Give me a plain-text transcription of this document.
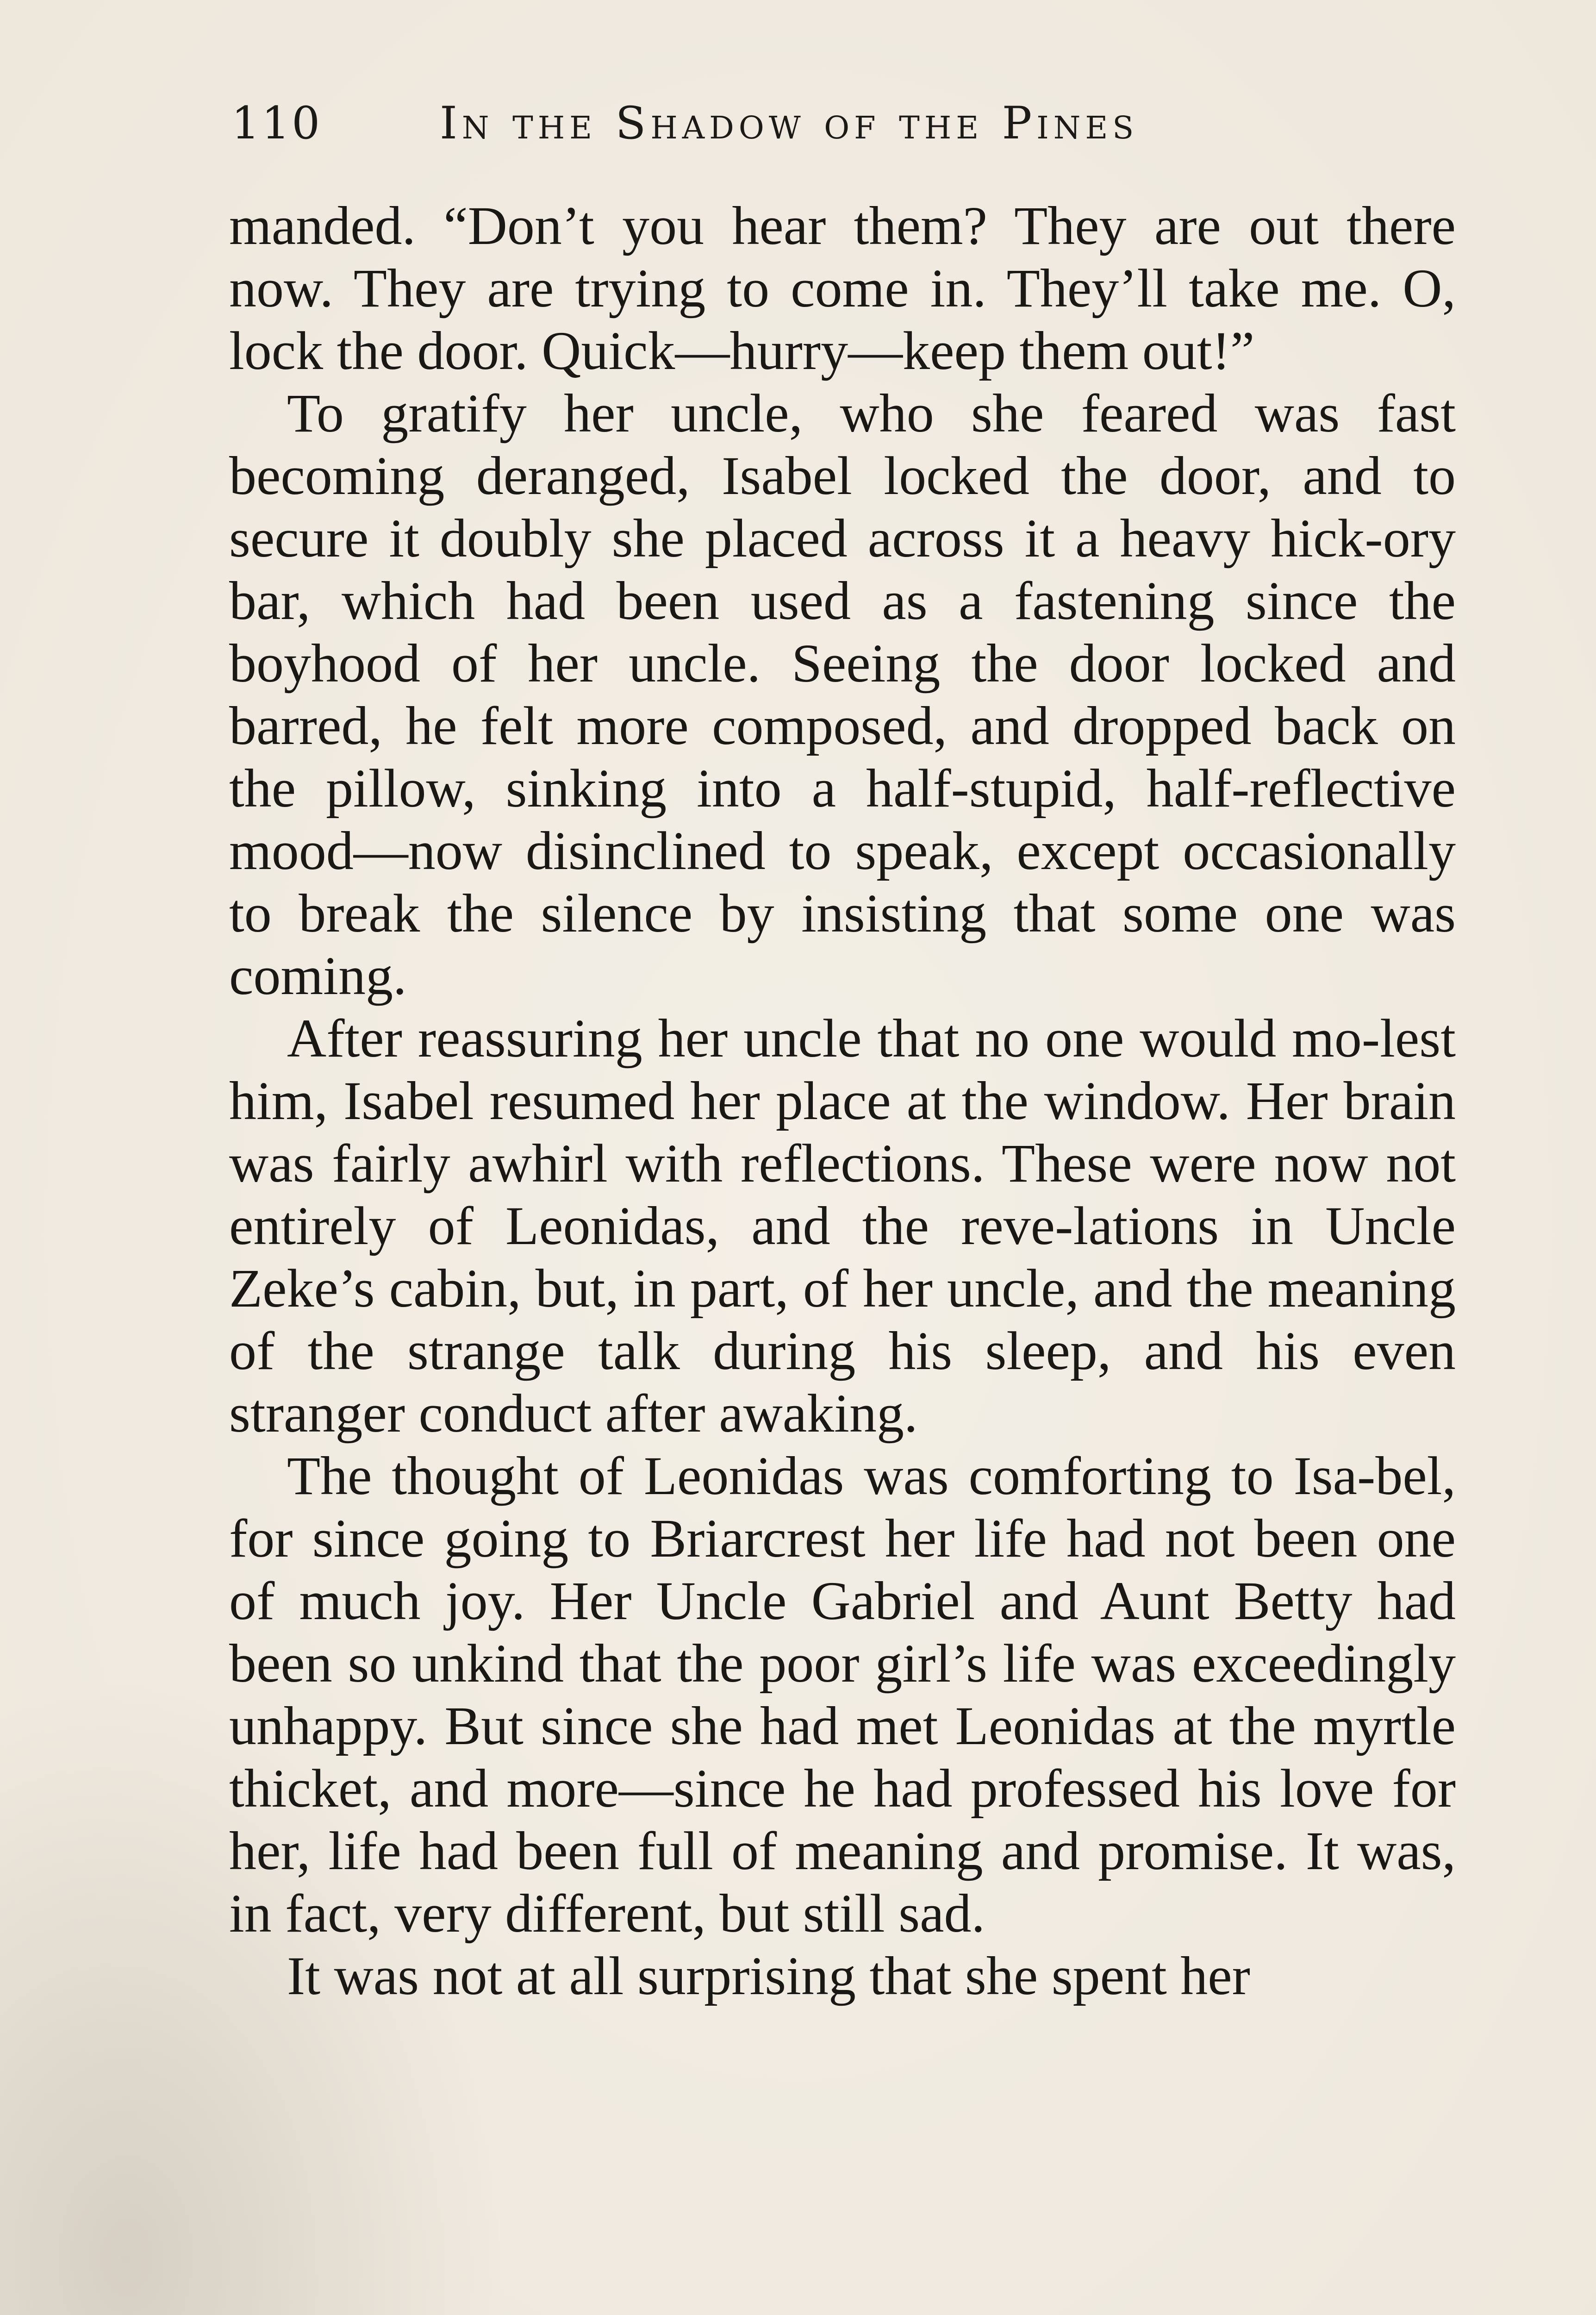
110	In the Shadow of the Pines

manded. “Don’t you hear them? They are out there now. They are trying to come in. They’ll take me. O, lock the door. Quick—hurry—keep them out!”

To gratify her uncle, who she feared was fast becoming deranged, Isabel locked the door, and to secure it doubly she placed across it a heavy hick-ory bar, which had been used as a fastening since the boyhood of her uncle. Seeing the door locked and barred, he felt more composed, and dropped back on the pillow, sinking into a half-stupid, half-reflective mood—now disinclined to speak, except occasionally to break the silence by insisting that some one was coming.

After reassuring her uncle that no one would mo-lest him, Isabel resumed her place at the window. Her brain was fairly awhirl with reflections. These were now not entirely of Leonidas, and the reve-lations in Uncle Zeke’s cabin, but, in part, of her uncle, and the meaning of the strange talk during his sleep, and his even stranger conduct after awaking.

The thought of Leonidas was comforting to Isa-bel, for since going to Briarcrest her life had not been one of much joy. Her Uncle Gabriel and Aunt Betty had been so unkind that the poor girl’s life was exceedingly unhappy. But since she had met Leonidas at the myrtle thicket, and more—since he had professed his love for her, life had been full of meaning and promise. It was, in fact, very different, but still sad.

It was not at all surprising that she spent her
